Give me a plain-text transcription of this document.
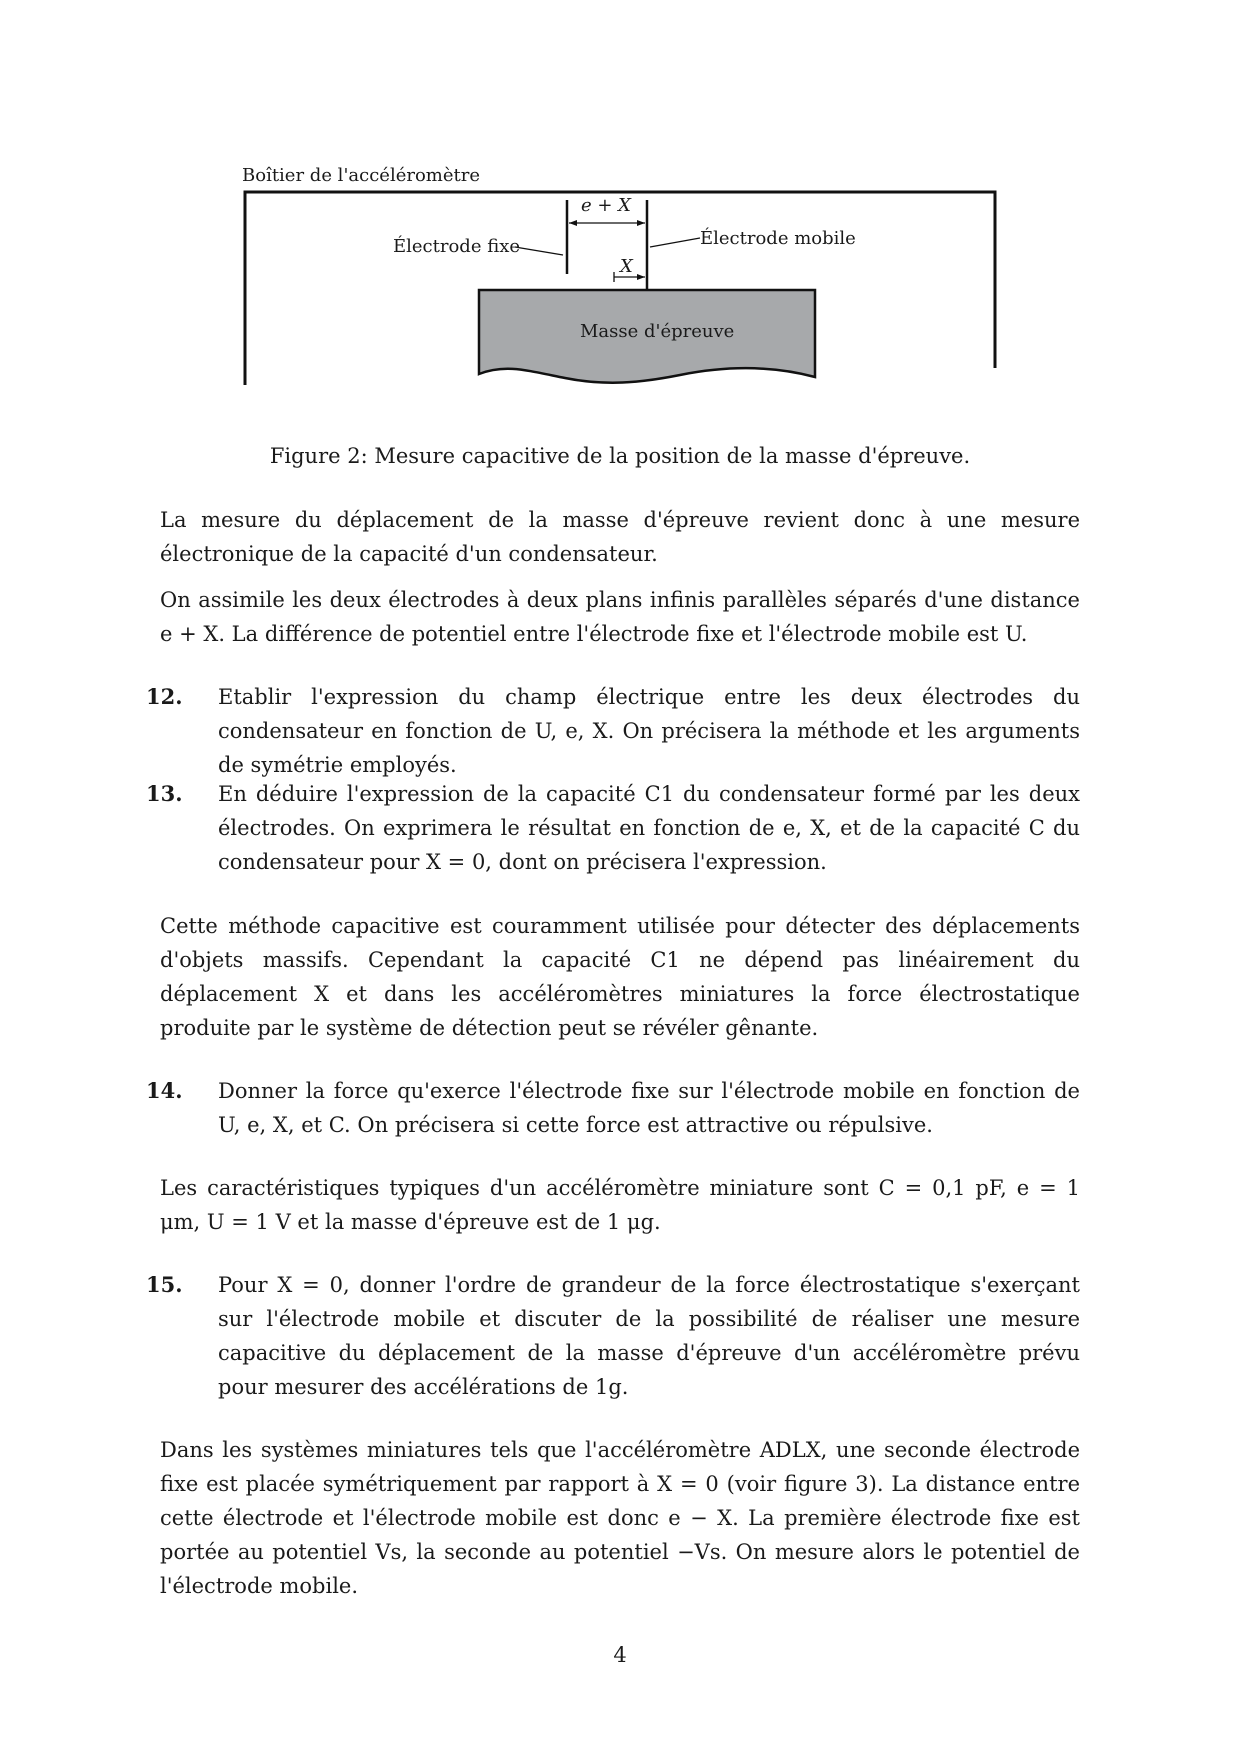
Boîtier de l'accéléromètre
e + X
Électrode fixe	Électrode mobile
X
Masse d'épreuve
Figure 2: Mesure capacitive de la position de la masse d'épreuve.
La mesure du déplacement de la masse d'épreuve revient donc à une mesure électronique de la capacité d'un condensateur.
On assimile les deux électrodes à deux plans infinis parallèles séparés d'une distance e + X. La différence de potentiel entre l'électrode fixe et l'électrode mobile est U.
12. Etablir l'expression du champ électrique entre les deux électrodes du condensateur en fonction de U, e, X. On précisera la méthode et les arguments de symétrie employés.
13. En déduire l'expression de la capacité C1 du condensateur formé par les deux électrodes. On exprimera le résultat en fonction de e, X, et de la capacité C du condensateur pour X = 0, dont on précisera l'expression.
Cette méthode capacitive est couramment utilisée pour détecter des déplacements d'objets massifs. Cependant la capacité C1 ne dépend pas linéairement du déplacement X et dans les accéléromètres miniatures la force électrostatique produite par le système de détection peut se révéler gênante.
14. Donner la force qu'exerce l'électrode fixe sur l'électrode mobile en fonction de U, e, X, et C. On précisera si cette force est attractive ou répulsive.
Les caractéristiques typiques d'un accéléromètre miniature sont C = 0,1 pF, e = 1 μm, U = 1 V et la masse d'épreuve est de 1 μg.
15. Pour X = 0, donner l'ordre de grandeur de la force électrostatique s'exerçant sur l'électrode mobile et discuter de la possibilité de réaliser une mesure capacitive du déplacement de la masse d'épreuve d'un accéléromètre prévu pour mesurer des accélérations de 1g.
Dans les systèmes miniatures tels que l'accéléromètre ADLX, une seconde électrode fixe est placée symétriquement par rapport à X = 0 (voir figure 3). La distance entre cette électrode et l'électrode mobile est donc e − X. La première électrode fixe est portée au potentiel Vs, la seconde au potentiel −Vs. On mesure alors le potentiel de l'électrode mobile.
4
